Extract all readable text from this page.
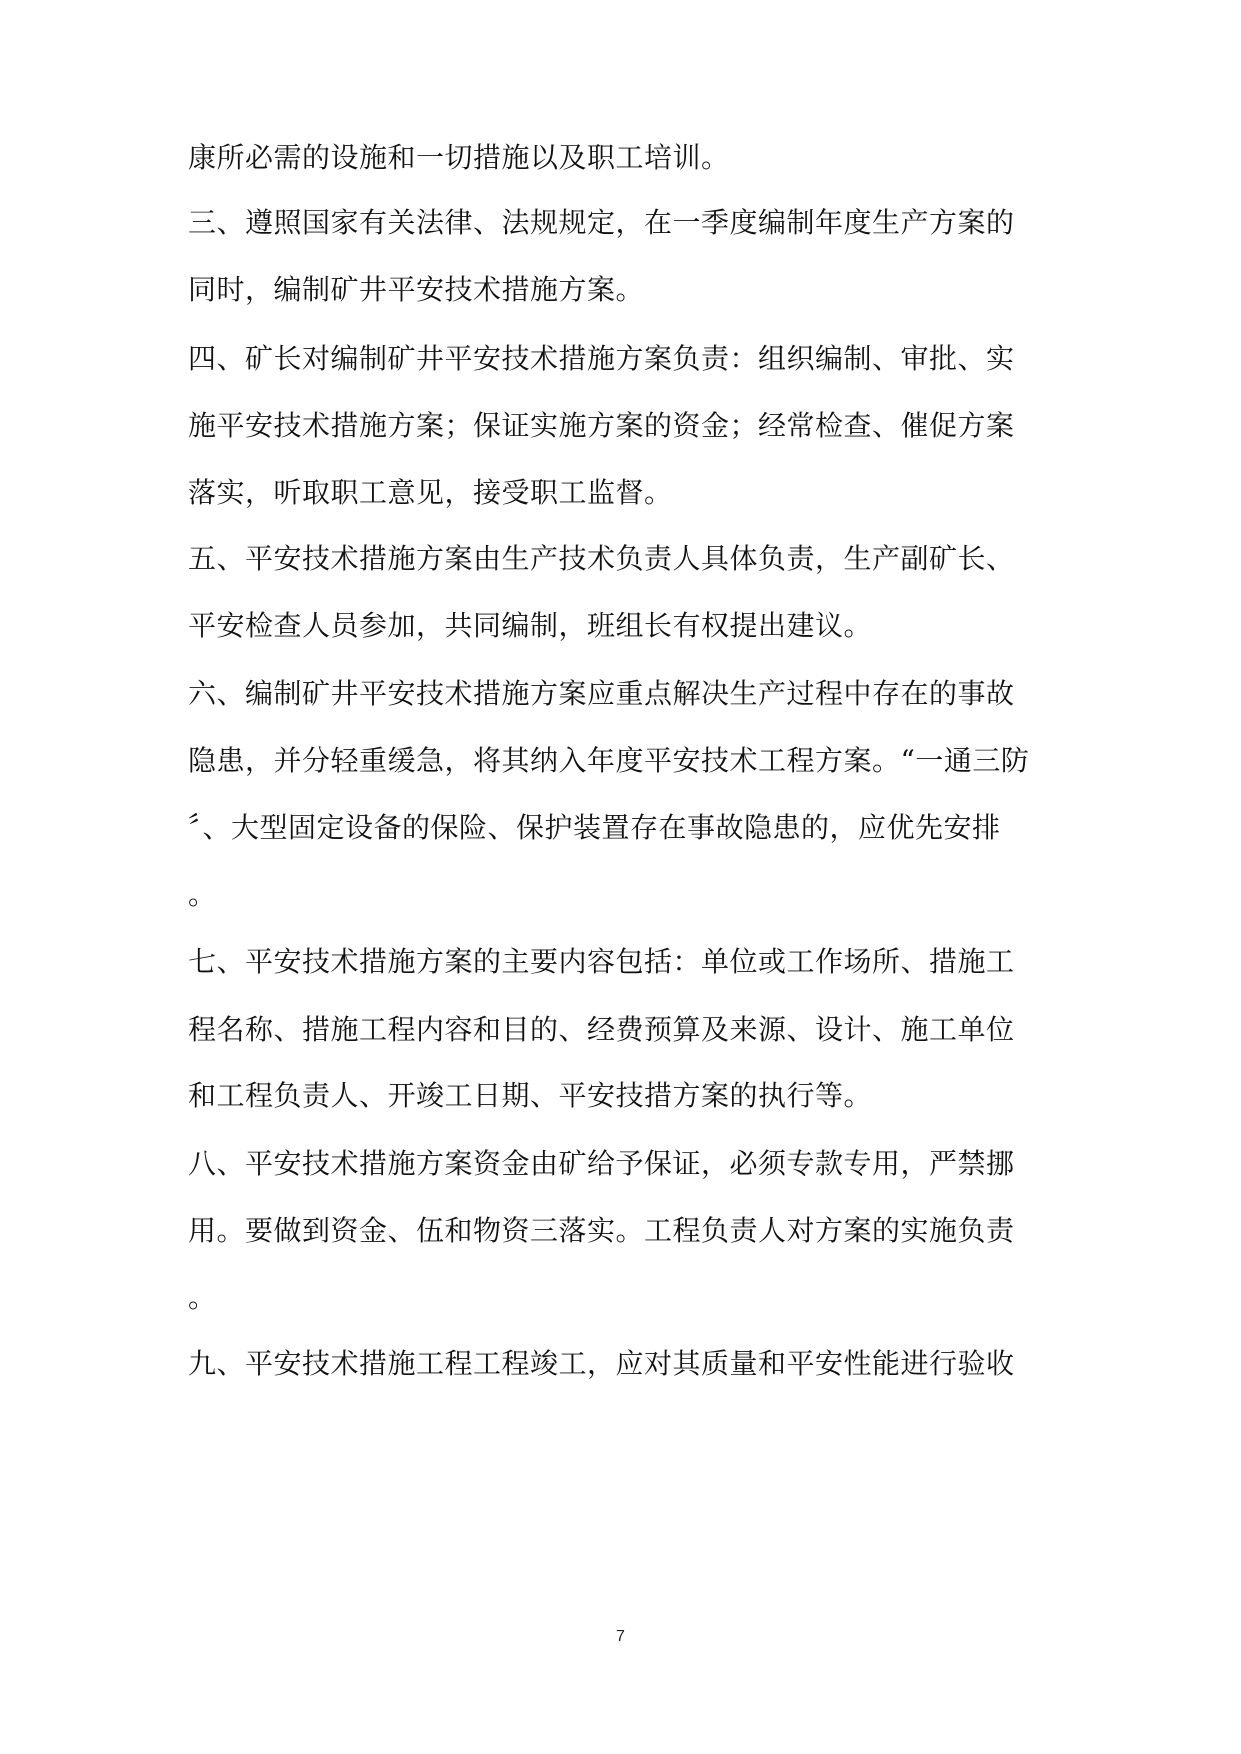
康所必需的设施和一切措施以及职工培训。
三、遵照国家有关法律、法规规定，在一季度编制年度生产方案的
同时，编制矿井平安技术措施方案。
四、矿长对编制矿井平安技术措施方案负责：组织编制、审批、实
施平安技术措施方案；保证实施方案的资金；经常检查、催促方案
落实，听取职工意见，接受职工监督。
五、平安技术措施方案由生产技术负责人具体负责，生产副矿长、
平安检查人员参加，共同编制，班组长有权提出建议。
六、编制矿井平安技术措施方案应重点解决生产过程中存在的事故
隐患，并分轻重缓急，将其纳入年度平安技术工程方案。“一通三防
〞、大型固定设备的保险、保护装置存在事故隐患的，应优先安排
。
七、平安技术措施方案的主要内容包括：单位或工作场所、措施工
程名称、措施工程内容和目的、经费预算及来源、设计、施工单位
和工程负责人、开竣工日期、平安技措方案的执行等。
八、平安技术措施方案资金由矿给予保证，必须专款专用，严禁挪
用。要做到资金、伍和物资三落实。工程负责人对方案的实施负责
。
九、平安技术措施工程工程竣工，应对其质量和平安性能进行验收
7
